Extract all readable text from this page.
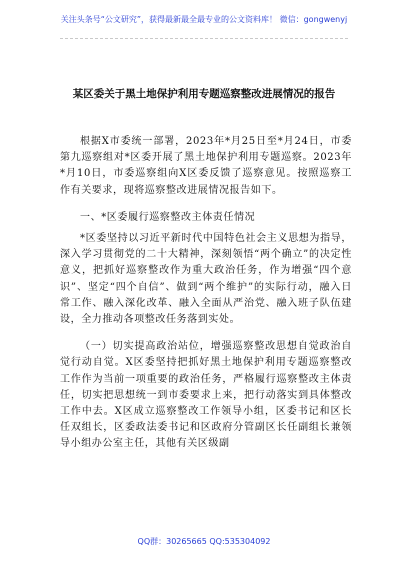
关注头条号“公文研究”，获得最新最全最专业的公文资料库！ 微信：gongwenyj
某区委关于黑土地保护利用专题巡察整改进展情况的报告

根据X市委统一部署，2023年*月25日至*月24日，市委第九巡察组对*区委开展了黑土地保护利用专题巡察。2023年*月10日，市委巡察组向X区委反馈了巡察意见。按照巡察工作有关要求，现将巡察整改进展情况报告如下。

一、*区委履行巡察整改主体责任情况

*区委坚持以习近平新时代中国特色社会主义思想为指导，深入学习贯彻党的二十大精神，深刻领悟“两个确立”的决定性意义，把抓好巡察整改作为重大政治任务，作为增强“四个意识”、坚定“四个自信”、做到“两个维护”的实际行动，融入日常工作、融入深化改革、融入全面从严治党、融入班子队伍建设，全力推动各项整改任务落到实处。

（一）切实提高政治站位，增强巡察整改思想自觉政治自觉行动自觉。X区委坚持把抓好黑土地保护利用专题巡察整改工作作为当前一项重要的政治任务，严格履行巡察整改主体责任，切实把思想统一到市委要求上来，把行动落实到具体整改工作中去。X区成立巡察整改工作领导小组，区委书记和区长任双组长，区委政法委书记和区政府分管副区长任副组长兼领导小组办公室主任，其他有关区级副

QQ群：30265665 QQ:535304092
